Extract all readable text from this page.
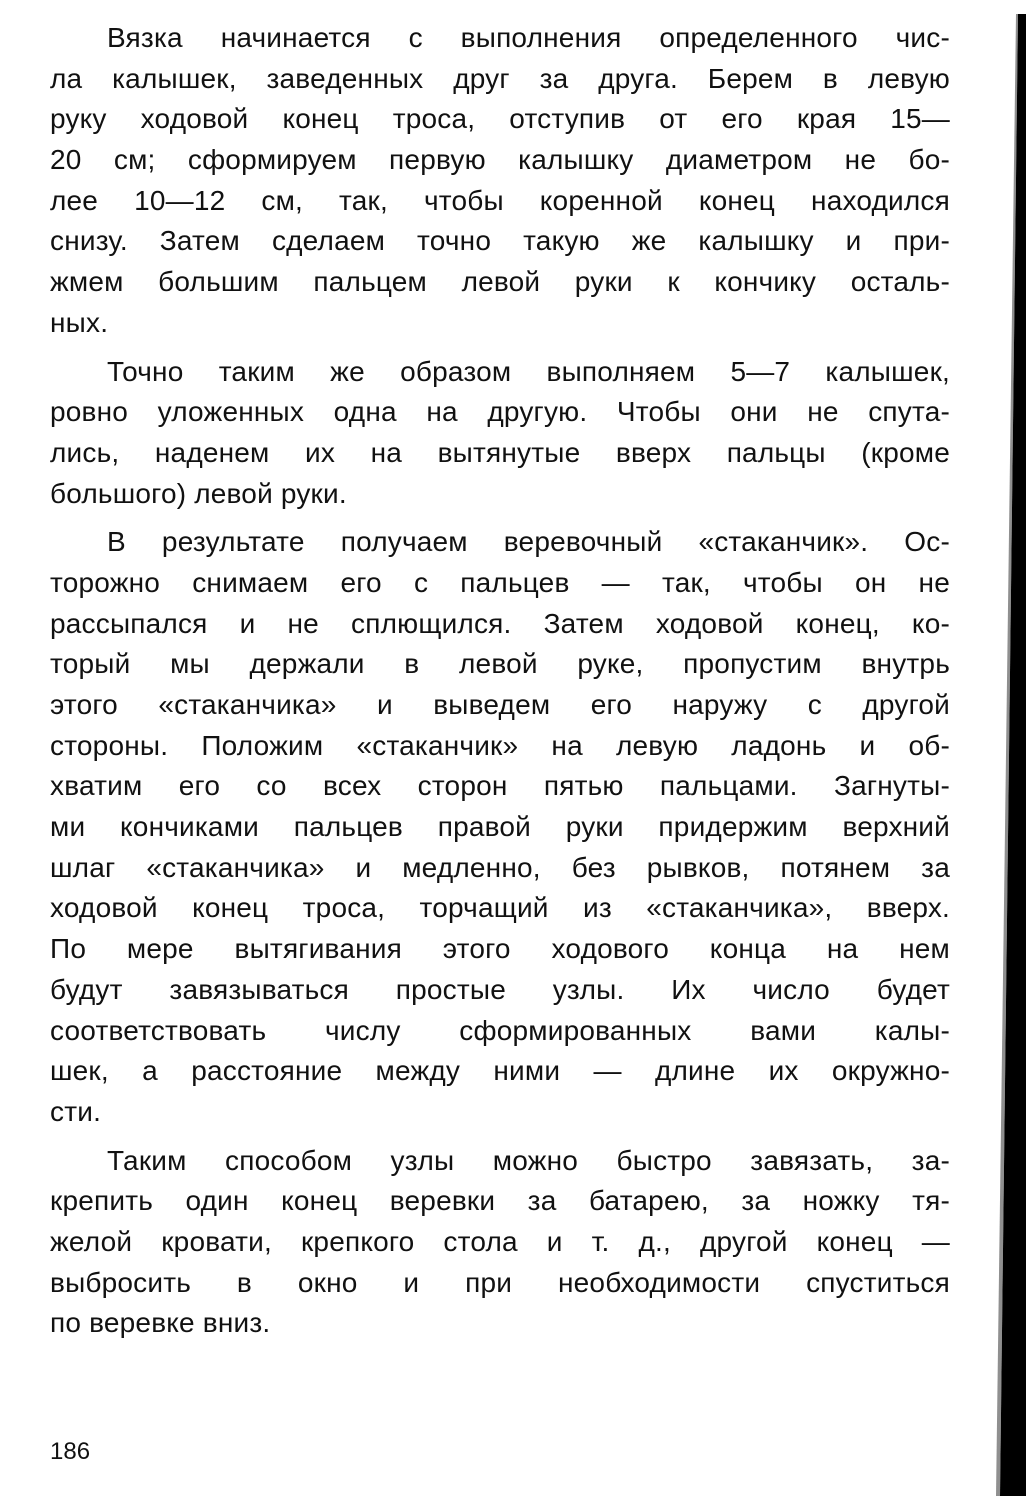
Вязка начинается с выполнения определенного чис-
ла калышек, заведенных друг за друга. Берем в левую
руку ходовой конец троса, отступив от его края 15—
20 см; сформируем первую калышку диаметром не бо-
лее 10—12 см, так, чтобы коренной конец находился
снизу. Затем сделаем точно такую же калышку и при-
жмем большим пальцем левой руки к кончику осталь-
ных.
Точно таким же образом выполняем 5—7 калышек,
ровно уложенных одна на другую. Чтобы они не спута-
лись, наденем их на вытянутые вверх пальцы (кроме
большого) левой руки.
В результате получаем веревочный «стаканчик». Ос-
торожно снимаем его с пальцев — так, чтобы он не
рассыпался и не сплющился. Затем ходовой конец, ко-
торый мы держали в левой руке, пропустим внутрь
этого «стаканчика» и выведем его наружу с другой
стороны. Положим «стаканчик» на левую ладонь и об-
хватим его со всех сторон пятью пальцами. Загнуты-
ми кончиками пальцев правой руки придержим верхний
шлаг «стаканчика» и медленно, без рывков, потянем за
ходовой конец троса, торчащий из «стаканчика», вверх.
По мере вытягивания этого ходового конца на нем
будут завязываться простые узлы. Их число будет
соответствовать числу сформированных вами калы-
шек, а расстояние между ними — длине их окружно-
сти.
Таким способом узлы можно быстро завязать, за-
крепить один конец веревки за батарею, за ножку тя-
желой кровати, крепкого стола и т. д., другой конец —
выбросить в окно и при необходимости спуститься
по веревке вниз.
186
